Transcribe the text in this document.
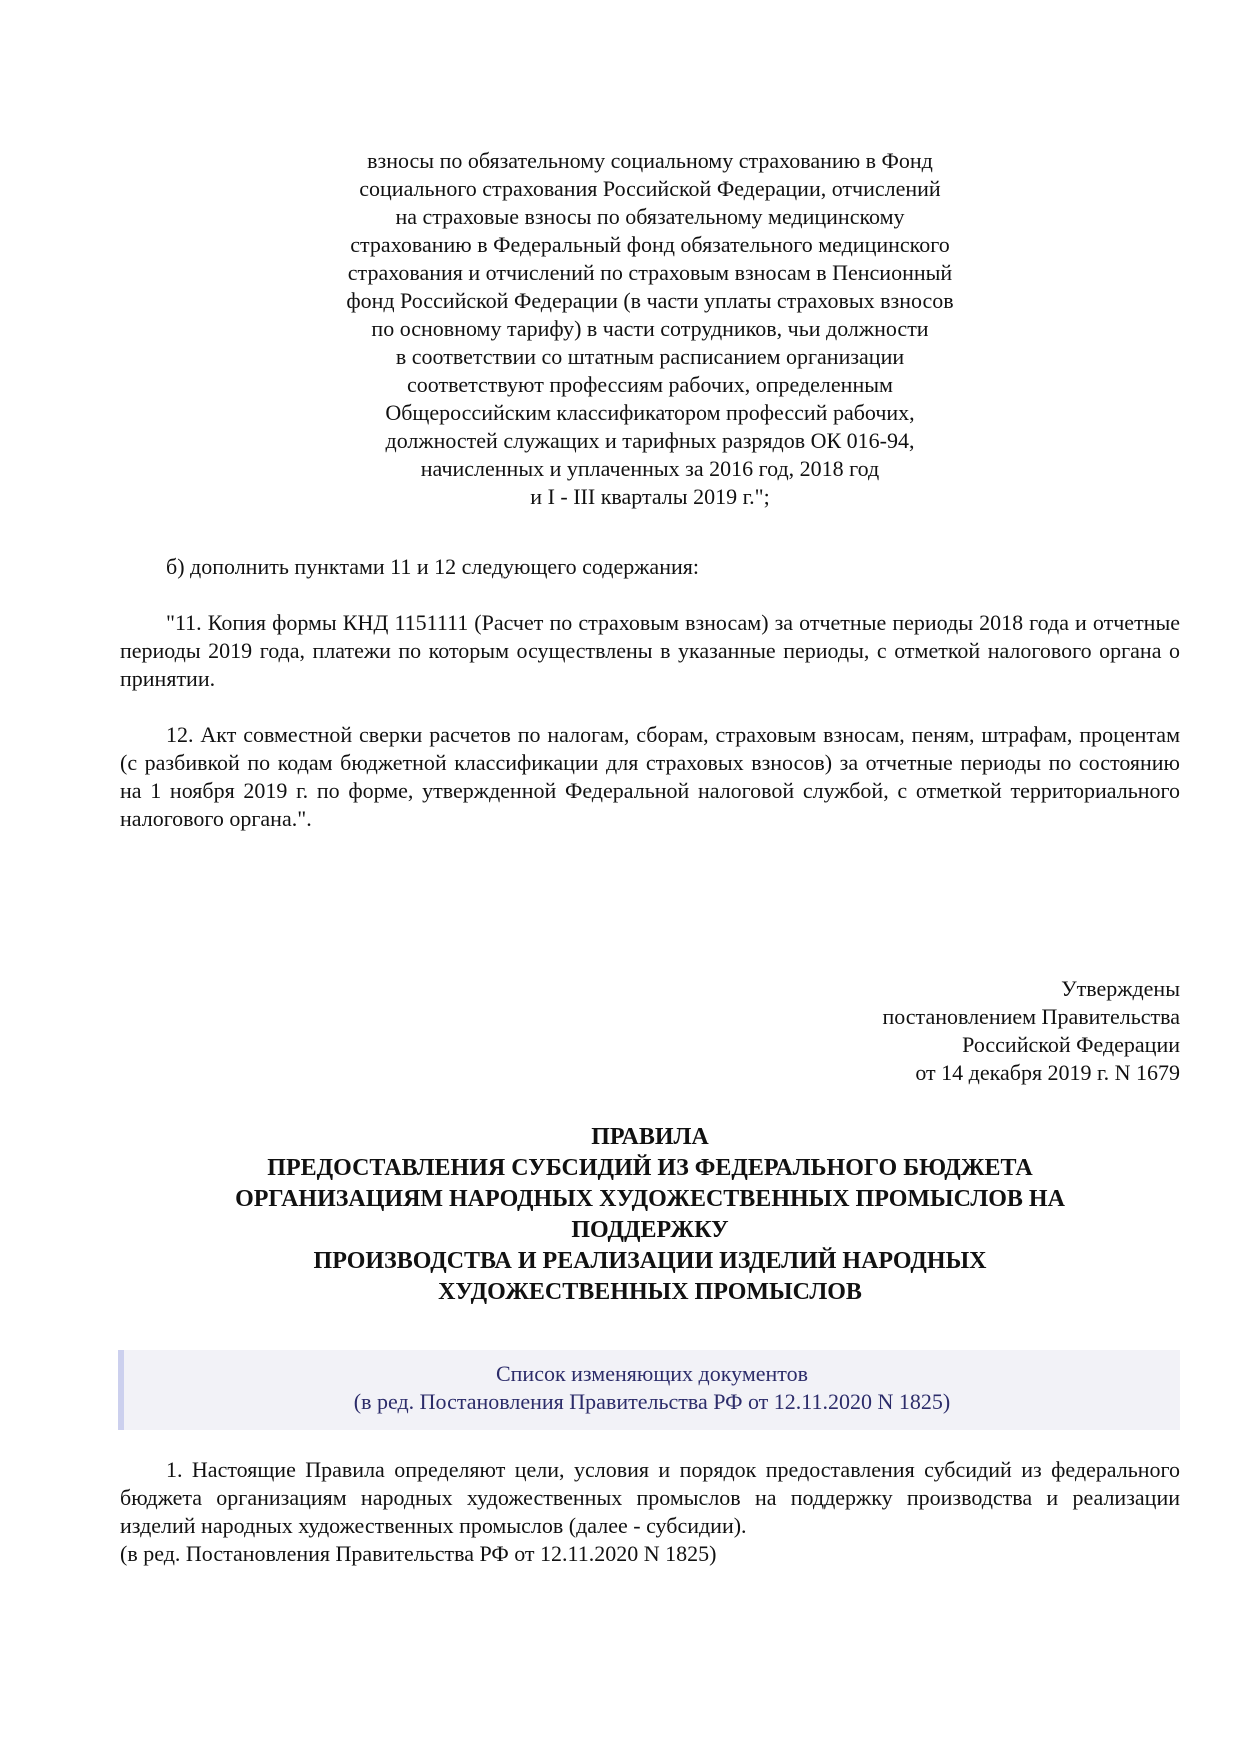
взносы по обязательному социальному страхованию в Фонд
социального страхования Российской Федерации, отчислений
на страховые взносы по обязательному медицинскому
страхованию в Федеральный фонд обязательного медицинского
страхования и отчислений по страховым взносам в Пенсионный
фонд Российской Федерации (в части уплаты страховых взносов
по основному тарифу) в части сотрудников, чьи должности
в соответствии со штатным расписанием организации
соответствуют профессиям рабочих, определенным
Общероссийским классификатором профессий рабочих,
должностей служащих и тарифных разрядов ОК 016-94,
начисленных и уплаченных за 2016 год, 2018 год
и I - III кварталы 2019 г.";
б) дополнить пунктами 11 и 12 следующего содержания:
"11. Копия формы КНД 1151111 (Расчет по страховым взносам) за отчетные периоды 2018 года и отчетные периоды 2019 года, платежи по которым осуществлены в указанные периоды, с отметкой налогового органа о принятии.
12. Акт совместной сверки расчетов по налогам, сборам, страховым взносам, пеням, штрафам, процентам (с разбивкой по кодам бюджетной классификации для страховых взносов) за отчетные периоды по состоянию на 1 ноября 2019 г. по форме, утвержденной Федеральной налоговой службой, с отметкой территориального налогового органа.".
Утверждены
постановлением Правительства
Российской Федерации
от 14 декабря 2019 г. N 1679
ПРАВИЛА
ПРЕДОСТАВЛЕНИЯ СУБСИДИЙ ИЗ ФЕДЕРАЛЬНОГО БЮДЖЕТА
ОРГАНИЗАЦИЯМ НАРОДНЫХ ХУДОЖЕСТВЕННЫХ ПРОМЫСЛОВ НА
ПОДДЕРЖКУ
ПРОИЗВОДСТВА И РЕАЛИЗАЦИИ ИЗДЕЛИЙ НАРОДНЫХ
ХУДОЖЕСТВЕННЫХ ПРОМЫСЛОВ
Список изменяющих документов
(в ред. Постановления Правительства РФ от 12.11.2020 N 1825)
1. Настоящие Правила определяют цели, условия и порядок предоставления субсидий из федерального бюджета организациям народных художественных промыслов на поддержку производства и реализации изделий народных художественных промыслов (далее - субсидии).
(в ред. Постановления Правительства РФ от 12.11.2020 N 1825)
